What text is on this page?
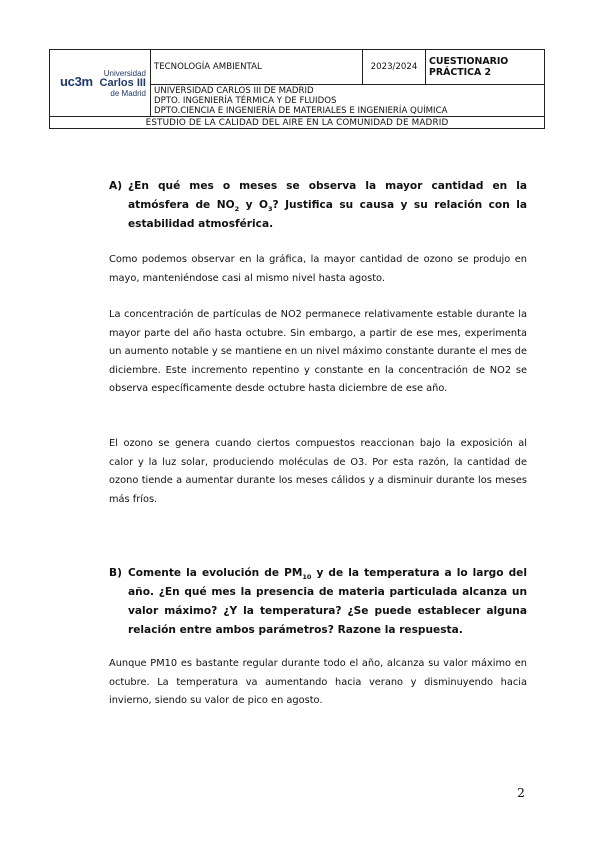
uc3m
Universidad
Carlos III
de Madrid
	TECNOLOGÍA AMBIENTAL	2023/2024	CUESTIONARIO
PRÁCTICA 2

UNIVERSIDAD CARLOS III DE MADRID
DPTO. INGENIERÍA TÉRMICA Y DE FLUIDOS
DPTO.CIENCIA E INGENIERÍA DE MATERIALES E INGENIERÍA QUÍMICA

ESTUDIO DE LA CALIDAD DEL AIRE EN LA COMUNIDAD DE MADRID
A) ¿En qué mes o meses se observa la mayor cantidad en la atmósfera de $NO_2$ y $O_3$? Justifica su causa y su relación con la estabilidad atmosférica.

Como podemos observar en la gráfica, la mayor cantidad de ozono se produjo en mayo, manteniéndose casi al mismo nivel hasta agosto.

La concentración de partículas de NO2 permanece relativamente estable durante la mayor parte del año hasta octubre. Sin embargo, a partir de ese mes, experimenta un aumento notable y se mantiene en un nivel máximo constante durante el mes de diciembre. Este incremento repentino y constante en la concentración de NO2 se observa específicamente desde octubre hasta diciembre de ese año.

El ozono se genera cuando ciertos compuestos reaccionan bajo la exposición al calor y la luz solar, produciendo moléculas de O3. Por esta razón, la cantidad de ozono tiende a aumentar durante los meses cálidos y a disminuir durante los meses más fríos.

B) Comente la evolución de $PM_{10}$ y de la temperatura a lo largo del año. ¿En qué mes la presencia de materia particulada alcanza un valor máximo? ¿Y la temperatura? ¿Se puede establecer alguna relación entre ambos parámetros? Razone la respuesta.

Aunque PM10 es bastante regular durante todo el año, alcanza su valor máximo en octubre. La temperatura va aumentando hacia verano y disminuyendo hacia invierno, siendo su valor de pico en agosto.

2
